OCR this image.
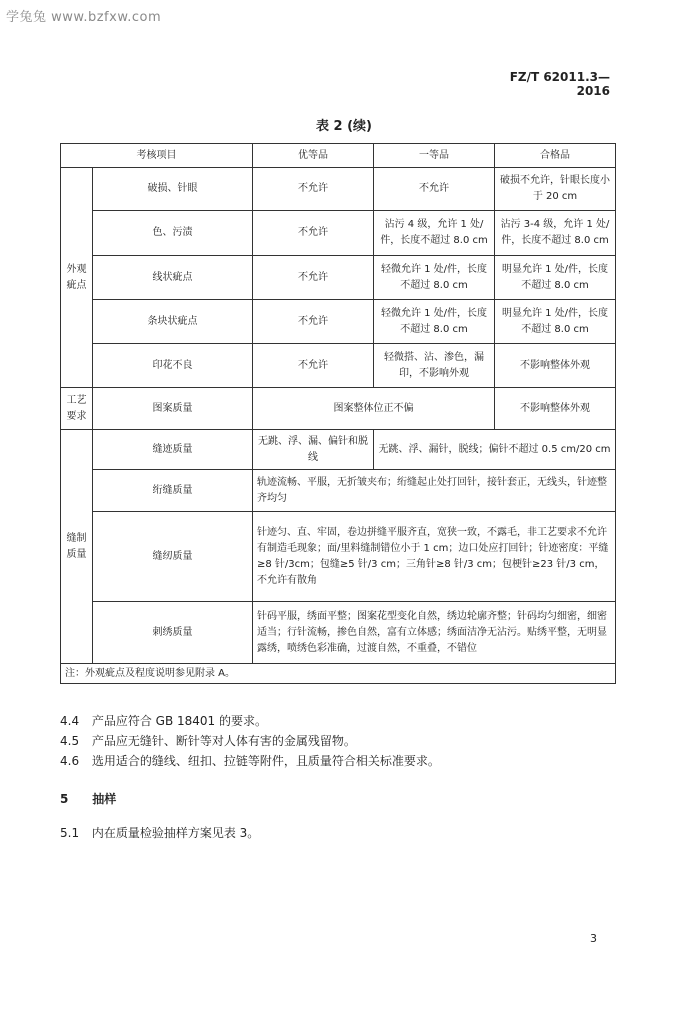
学兔兔 www.bzfxw.com
FZ/T 62011.3—2016
表 2 (续)
考核项目		优等品	一等品	合格品
外观疵点	破损、针眼	不允许	不允许	破损不允许，针眼长度小于 20 cm
	色、污渍	不允许	沾污 4 级，允许 1 处/件，长度不超过 8.0 cm	沾污 3-4 级，允许 1 处/件，长度不超过 8.0 cm
	线状疵点	不允许	轻微允许 1 处/件，长度不超过 8.0 cm	明显允许 1 处/件，长度不超过 8.0 cm
	条块状疵点	不允许	轻微允许 1 处/件，长度不超过 8.0 cm	明显允许 1 处/件，长度不超过 8.0 cm
	印花不良	不允许	轻微搭、沾、渗色，漏印，不影响外观	不影响整体外观
工艺要求	图案质量	图案整体位正不偏		不影响整体外观
缝制质量	缝迹质量	无跳、浮、漏、偏针和脱线	无跳、浮、漏针，脱线；偏针不超过 0.5 cm/20 cm	
	绗缝质量	轨迹流畅、平服，无折皱夹布；绗缝起止处打回针，接针套正，无线头，针迹整齐均匀		
	缝纫质量	针迹匀、直、牢固，卷边拼缝平服齐直，宽狭一致，不露毛，非工艺要求不允许有制造毛现象；面/里料缝制错位小于 1 cm；边口处应打回针；针迹密度：平缝≥8 针/3cm；包缝≥5 针/3 cm；三角针≥8 针/3 cm；包梗针≥23 针/3 cm，不允许有散角		
	刺绣质量	针码平服，绣面平整；图案花型变化自然，绣边轮廓齐整；针码均匀细密，细密适当；行针流畅，掺色自然，富有立体感；绣面洁净无沾污。贴绣平整，无明显露绣，喷绣色彩准确，过渡自然，不重叠，不错位		
注：外观疵点及程度说明参见附录 A。				
4.4 产品应符合 GB 18401 的要求。
4.5 产品应无缝针、断针等对人体有害的金属残留物。
4.6 选用适合的缝线、纽扣、拉链等附件，且质量符合相关标准要求。
5 抽样
5.1 内在质量检验抽样方案见表 3。
3
